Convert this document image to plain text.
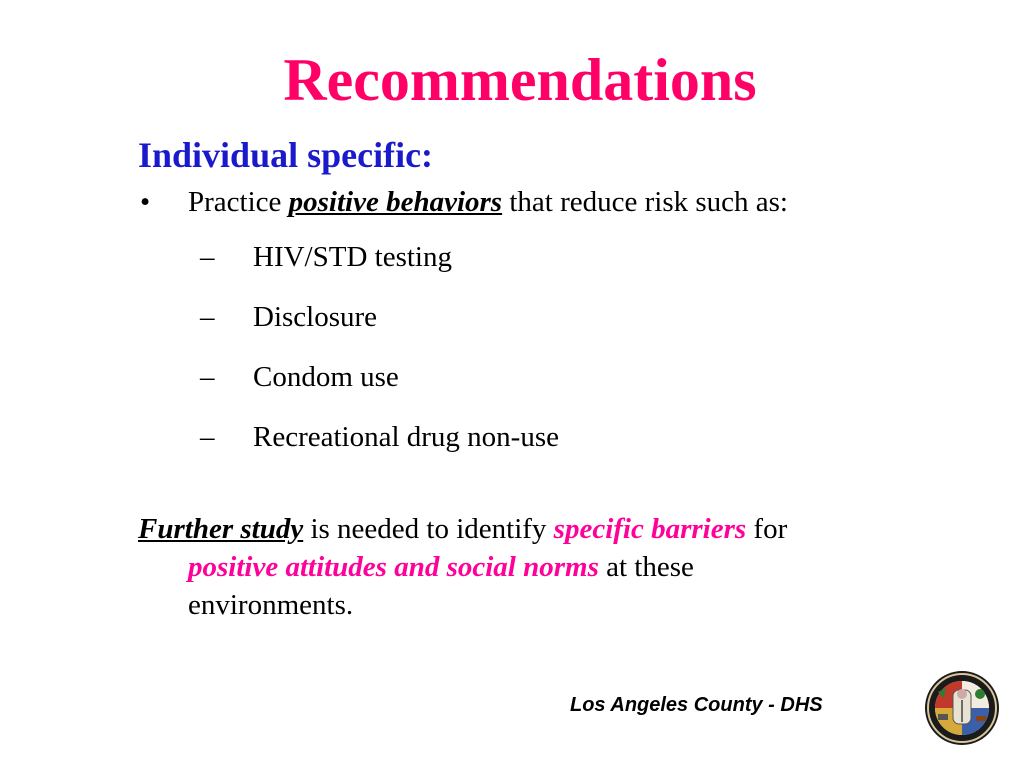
Recommendations
Individual specific:
• Practice positive behaviors that reduce risk such as:
– HIV/STD testing
– Disclosure
– Condom use
– Recreational drug non-use
Further study is needed to identify specific barriers for
positive attitudes and social norms at these
environments.
Los Angeles County - DHS
